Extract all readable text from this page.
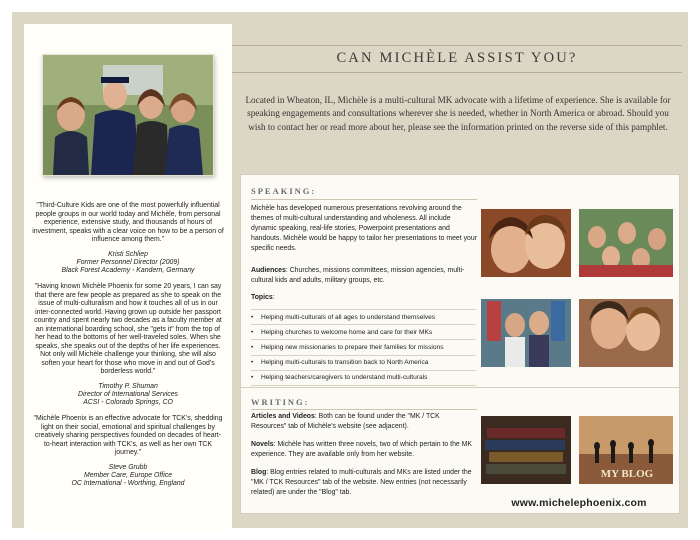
"Third-Culture Kids are one of the most powerfully influential people groups in our world today and Michèle, from personal experience, extensive study, and thousands of hours of investment, speaks with a clear voice on how to be a person of influence among them."
Kristi Schliep
Former Personnel Director (2009)
Black Forest Academy - Kandern, Germany
"Having known Michèle Phoenix for some 20 years, I can say that there are few people as prepared as she to speak on the issue of multi-culturalism and how it touches all of us in our inter-connected world. Having grown up outside her passport country and spent nearly two decades as a faculty member at an international boarding school, she "gets it" from the top of her head to the bottoms of her well-traveled soles. When she speaks, she speaks out of the depths of her life experiences. Not only will Michèle challenge your thinking, she will also soften your heart for those who move in and out of God's borderless world."
Timothy P. Shuman
Director of International Services
ACSI - Colorado Springs, CO
"Michèle Phoenix is an effective advocate for TCK's, shedding light on their social, emotional and spiritual challenges by creatively sharing perspectives founded on decades of heart-to-heart interaction with TCK's, as well as her own TCK journey."
Steve Grubb
Member Care, Europe Office
OC International - Worthing, England
CAN MICHÈLE ASSIST YOU?
Located in Wheaton, IL, Michèle is a multi-cultural MK advocate with a lifetime of experience. She is available for speaking engagements and consultations wherever she is needed, whether in North America or abroad. Should you wish to contact her or read more about her, please see the information printed on the reverse side of this pamphlet.
SPEAKING:
Michèle has developed numerous presentations revolving around the themes of multi-cultural understanding and wholeness. All include dynamic speaking, real-life stories, Powerpoint presentations and handouts. Michèle would be happy to tailor her presentations to meet your specific needs.
Audiences: Churches, missions committees, mission agencies, multi-cultural kids and adults, military groups, etc.
Topics:
•	Helping multi-culturals of all ages to understand themselves
•	Helping churches to welcome home and care for their MKs
•	Helping new missionaries to prepare their families for missions
•	Helping multi-culturals to transition back to North America
•	Helping teachers/caregivers to understand multi-culturals
WRITING:
Articles and Videos: Both can be found under the "MK / TCK Resources" tab of Michèle's website (see adjacent).
Novels: Michèle has written three novels, two of which pertain to the MK experience. They are available only from her website.
Blog: Blog entries related to multi-culturals and MKs are listed under the "MK / TCK Resources" tab of the website. New entries (not necessarily related) are under the "Blog" tab.
MY BLOG
www.michelephoenix.com
